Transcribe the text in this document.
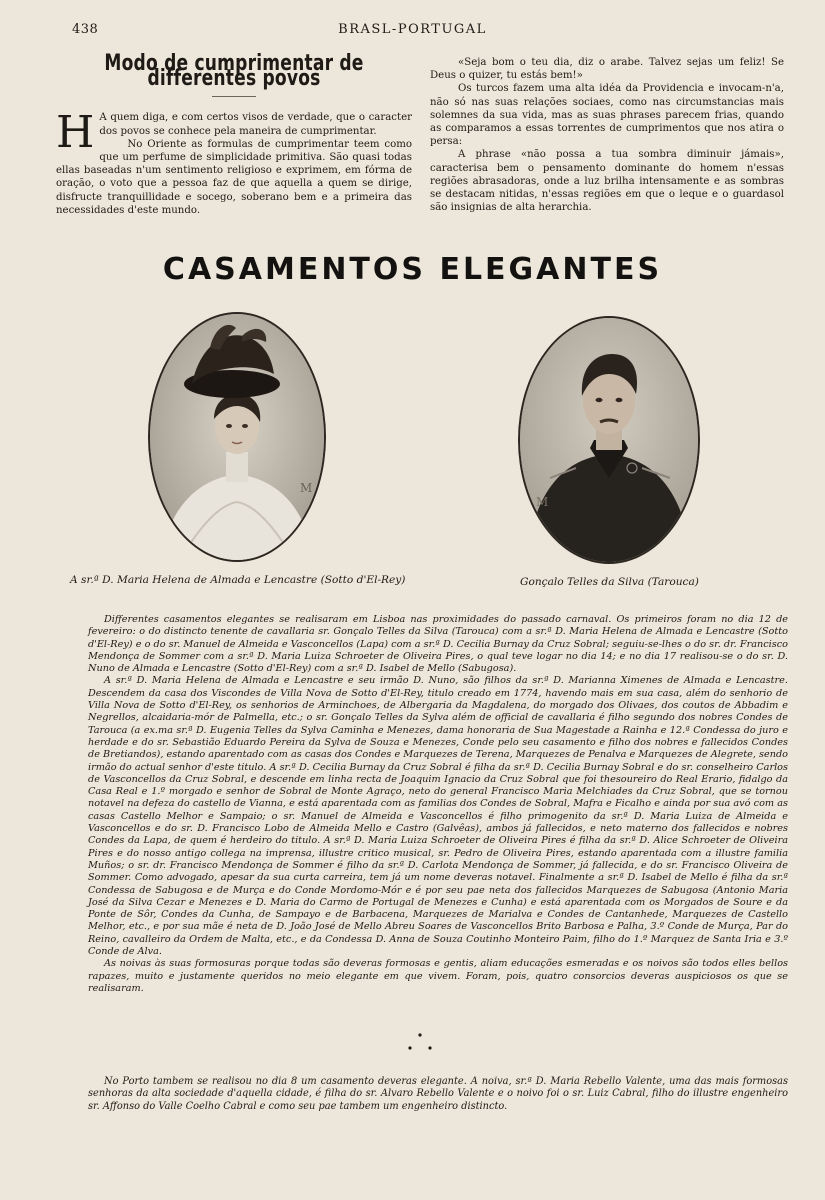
438	BRASL-PORTUGAL
Modo de cumprimentar de differentes povos

H A quem diga, e com certos visos de verdade, que o caracter dos povos se conhece pela maneira de cumprimentar.

No Oriente as formulas de cumprimentar teem como que um perfume de simplicidade primitiva. São quasi todas ellas baseadas n'um sentimento religioso e exprimem, em fórma de oração, o voto que a pessoa faz de que aquella a quem se dirige, disfructe tranquillidade e socego, soberano bem e a primeira das necessidades d'este mundo.

«Seja bom o teu dia, diz o arabe. Talvez sejas um feliz! Se Deus o quizer, tu estás bem!»

Os turcos fazem uma alta idéa da Providencia e invocam-n'a, não só nas suas relações sociaes, como nas circumstancias mais solemnes da sua vida, mas as suas phrases parecem frias, quando as comparamos a essas torrentes de cumprimentos que nos atira o persa:

A phrase «não possa a tua sombra diminuir jámais», caracterisa bem o pensamento dominante do homem n'essas regiões abrasadoras, onde a luz brilha intensamente e as sombras se destacam nitidas, n'essas regiões em que o leque e o guardasol são insignias de alta herarchia.

CASAMENTOS ELEGANTES
M
M
A sr.ª D. Maria Helena de Almada e Lencastre (Sotto d'El-Rey)	Gonçalo Telles da Silva (Tarouca)

Differentes casamentos elegantes se realisaram em Lisboa nas proximidades do passado carnaval. Os primeiros foram no dia 12 de fevereiro: o do distincto tenente de cavallaria sr. Gonçalo Telles da Silva (Tarouca) com a sr.ª D. Maria Helena de Almada e Lencastre (Sotto d'El-Rey) e o do sr. Manuel de Almeida e Vasconcellos (Lapa) com a sr.ª D. Cecilia Burnay da Cruz Sobral; seguiu-se-lhes o do sr. dr. Francisco Mendonça de Sommer com a sr.ª D. Maria Luiza Schroeter de Oliveira Pires, o qual teve logar no dia 14; e no dia 17 realisou-se o do sr. D. Nuno de Almada e Lencastre (Sotto d'El-Rey) com a sr.ª D. Isabel de Mello (Sabugosa).

A sr.ª D. Maria Helena de Almada e Lencastre e seu irmão D. Nuno, são filhos da sr.ª D. Marianna Ximenes de Almada e Lencastre. Descendem da casa dos Viscondes de Villa Nova de Sotto d'El-Rey, titulo creado em 1774, havendo mais em sua casa, além do senhorio de Villa Nova de Sotto d'El-Rey, os senhorios de Arminchoes, de Albergaria da Magdalena, do morgado dos Olivaes, dos coutos de Abbadim e Negrellos, alcaidaria-mór de Palmella, etc.; o sr. Gonçalo Telles da Sylva além de official de cavallaria é filho segundo dos nobres Condes de Tarouca (a ex.ma sr.ª D. Eugenia Telles da Sylva Caminha e Menezes, dama honoraria de Sua Magestade a Rainha e 12.ª Condessa do juro e herdade e do sr. Sebastião Eduardo Pereira da Sylva de Souza e Menezes, Conde pelo seu casamento e filho dos nobres e fallecidos Condes de Bretiandos), estando aparentado com as casas dos Condes e Marquezes de Terena, Marquezes de Penalva e Marquezes de Alegrete, sendo irmão do actual senhor d'este titulo. A sr.ª D. Cecilia Burnay da Cruz Sobral é filha da sr.ª D. Cecilia Burnay Sobral e do sr. conselheiro Carlos de Vasconcellos da Cruz Sobral, e descende em linha recta de Joaquim Ignacio da Cruz Sobral que foi thesoureiro do Real Erario, fidalgo da Casa Real e 1.º morgado e senhor de Sobral de Monte Agraço, neto do general Francisco Maria Melchiades da Cruz Sobral, que se tornou notavel na defeza do castello de Vianna, e está aparentada com as familias dos Condes de Sobral, Mafra e Ficalho e ainda por sua avó com as casas Castello Melhor e Sampaio; o sr. Manuel de Almeida e Vasconcellos é filho primogenito da sr.ª D. Maria Luiza de Almeida e Vasconcellos e do sr. D. Francisco Lobo de Almeida Mello e Castro (Galvêas), ambos já fallecidos, e neto materno dos fallecidos e nobres Condes da Lapa, de quem é herdeiro do titulo. A sr.ª D. Maria Luiza Schroeter de Oliveira Pires é filha da sr.ª D. Alice Schroeter de Oliveira Pires e do nosso antigo collega na imprensa, illustre critico musical, sr. Pedro de Oliveira Pires, estando aparentada com a illustre familia Muños; o sr. dr. Francisco Mendonça de Sommer é filho da sr.ª D. Carlota Mendonça de Sommer, já fallecida, e do sr. Francisco Oliveira de Sommer. Como advogado, apesar da sua curta carreira, tem já um nome deveras notavel. Finalmente a sr.ª D. Isabel de Mello é filha da sr.ª Condessa de Sabugosa e de Murça e do Conde Mordomo-Mór e é por seu pae neta dos fallecidos Marquezes de Sabugosa (Antonio Maria José da Silva Cezar e Menezes e D. Maria do Carmo de Portugal de Menezes e Cunha) e está aparentada com os Morgados de Soure e da Ponte de Sôr, Condes da Cunha, de Sampayo e de Barbacena, Marquezes de Marialva e Condes de Cantanhede, Marquezes de Castello Melhor, etc., e por sua mãe é neta de D. João José de Mello Abreu Soares de Vasconcellos Brito Barbosa e Palha, 3.º Conde de Murça, Par do Reino, cavalleiro da Ordem de Malta, etc., e da Condessa D. Anna de Souza Coutinho Monteiro Paim, filho do 1.º Marquez de Santa Iria e 3.º Conde de Alva.

As noivas às suas formosuras porque todas são deveras formosas e gentis, aliam educações esmeradas e os noivos são todos elles bellos rapazes, muito e justamente queridos no meio elegante em que vivem. Foram, pois, quatro consorcios deveras auspiciosos os que se realisaram.

No Porto tambem se realisou no dia 8 um casamento deveras elegante. A noiva, sr.ª D. Maria Rebello Valente, uma das mais formosas senhoras da alta sociedade d'aquella cidade, é filha do sr. Alvaro Rebello Valente e o noivo foi o sr. Luiz Cabral, filho do illustre engenheiro sr. Affonso do Valle Coelho Cabral e como seu pae tambem um engenheiro distincto.
